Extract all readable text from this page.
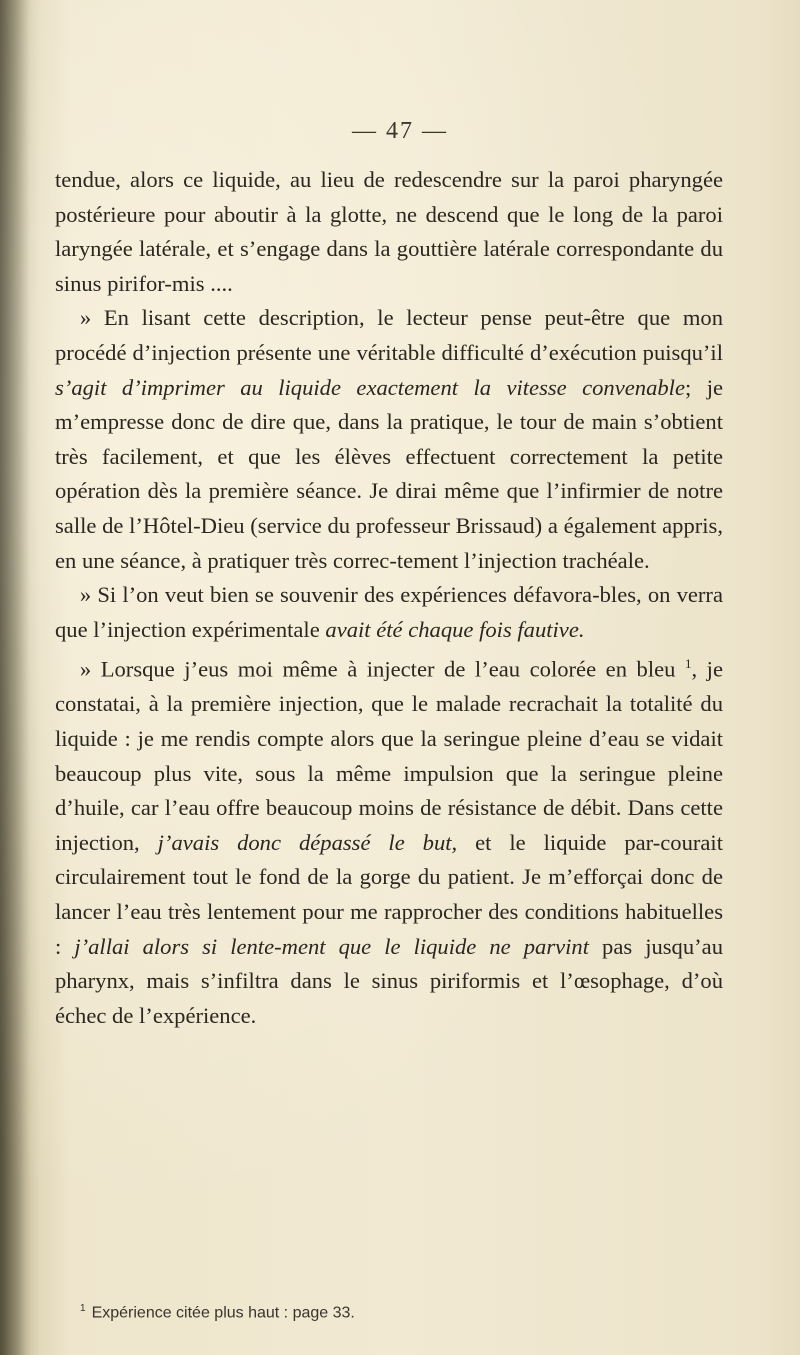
— 47 —

tendue, alors ce liquide, au lieu de redescendre sur la paroi pharyngée postérieure pour aboutir à la glotte, ne descend que le long de la paroi laryngée latérale, et s’engage dans la gouttière latérale correspondante du sinus pirifor-mis ....

» En lisant cette description, le lecteur pense peut-être que mon procédé d’injection présente une véritable difficulté d’exécution puisqu’il s’agit d’imprimer au liquide exactement la vitesse convenable; je m’empresse donc de dire que, dans la pratique, le tour de main s’obtient très facilement, et que les élèves effectuent correctement la petite opération dès la première séance. Je dirai même que l’infirmier de notre salle de l’Hôtel-Dieu (service du professeur Brissaud) a également appris, en une séance, à pratiquer très correc-tement l’injection trachéale.

» Si l’on veut bien se souvenir des expériences défavora-bles, on verra que l’injection expérimentale avait été chaque fois fautive.

» Lorsque j’eus moi même à injecter de l’eau colorée en bleu $^1$, je constatai, à la première injection, que le malade recrachait la totalité du liquide : je me rendis compte alors que la seringue pleine d’eau se vidait beaucoup plus vite, sous la même impulsion que la seringue pleine d’huile, car l’eau offre beaucoup moins de résistance de débit. Dans cette injection, j’avais donc dépassé le but, et le liquide par-courait circulairement tout le fond de la gorge du patient. Je m’efforçai donc de lancer l’eau très lentement pour me rapprocher des conditions habituelles : j’allai alors si lente-ment que le liquide ne parvint pas jusqu’au pharynx, mais s’infiltra dans le sinus piriformis et l’œsophage, d’où échec de l’expérience.

$^1$ Expérience citée plus haut : page 33.
